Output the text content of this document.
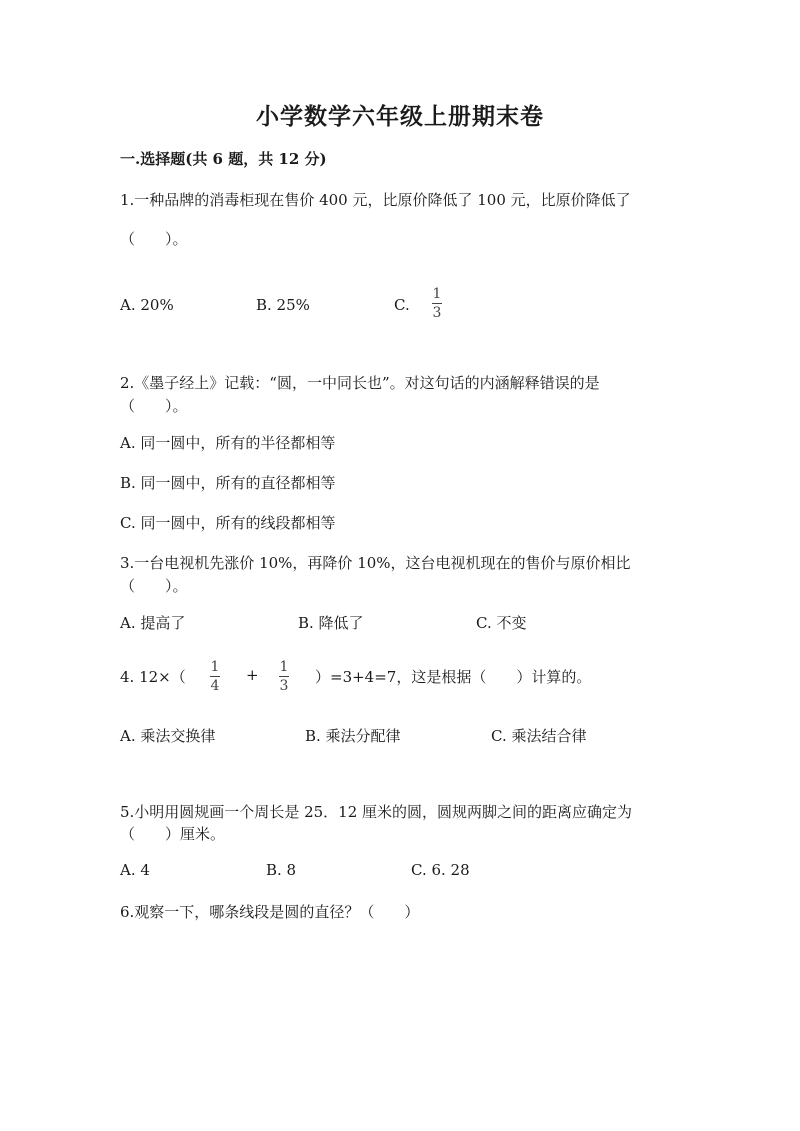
小学数学六年级上册期末卷
一.选择题(共 6 题，共 12 分)
1.一种品牌的消毒柜现在售价 400 元，比原价降低了 100 元，比原价降低了
（　　）。
A. 20%	B. 25%	C.
1
3
2.《墨子经上》记载：“圆，一中同长也”。对这句话的内涵解释错误的是
（　　）。
A. 同一圆中，所有的半径都相等
B. 同一圆中，所有的直径都相等
C. 同一圆中，所有的线段都相等
3.一台电视机先涨价 10%，再降价 10%，这台电视机现在的售价与原价相比
（　　）。
A. 提高了	B. 降低了	C. 不变
4. 12×（
1
4
+ 1
3 ）=3+4=7，这是根据（　　）计算的。
A. 乘法交换律	B. 乘法分配律	C. 乘法结合律
5.小明用圆规画一个周长是 25．12 厘米的圆，圆规两脚之间的距离应确定为
（　　）厘米。
A. 4	B. 8	C. 6. 28
6.观察一下，哪条线段是圆的直径？（　　）
